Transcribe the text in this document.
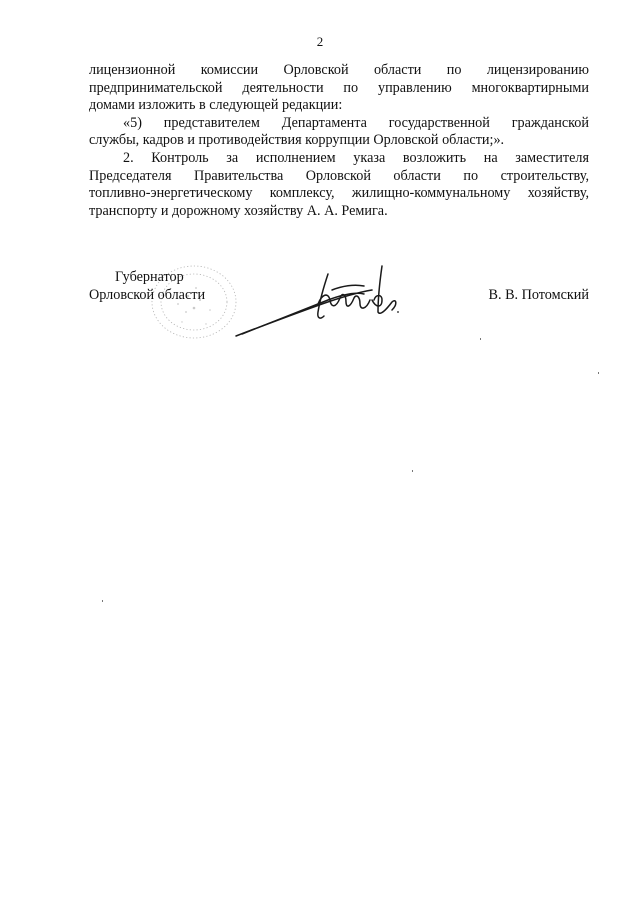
2

лицензионной комиссии Орловской области по лицензированию
предпринимательской деятельности по управлению многоквартирными
домами изложить в следующей редакции:

«5) представителем Департамента государственной гражданской
службы, кадров и противодействия коррупции Орловской области;».

2. Контроль за исполнением указа возложить на заместителя
Председателя Правительства Орловской области по строительству,
топливно-энергетическому комплексу, жилищно-коммунальному хозяйству,
транспорту и дорожному хозяйству А. А. Ремига.

Губернатор
Орловской области	В. В. Потомский
